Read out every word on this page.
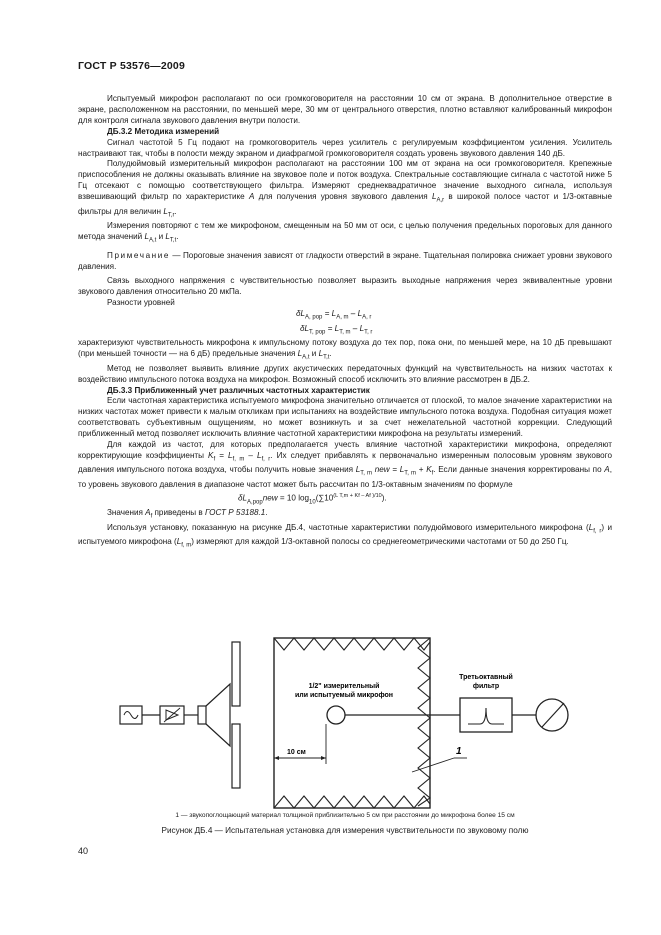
ГОСТ Р 53576—2009

Испытуемый микрофон располагают по оси громкоговорителя на расстоянии 10 см от экрана. В дополнительное отверстие в экране, расположенном на расстоянии, по меньшей мере, 30 мм от центрального отверстия, плотно вставляют калиброванный микрофон для контроля сигнала звукового давления внутри полости.

ДБ.3.2 Методика измерений

Сигнал частотой 5 Гц подают на громкоговоритель через усилитель с регулируемым коэффициентом усиления. Усилитель настраивают так, чтобы в полости между экраном и диафрагмой громкоговорителя создать уровень звукового давления 140 дБ.

Полудюймовый измерительный микрофон располагают на расстоянии 100 мм от экрана на оси громкоговорителя. Крепежные приспособления не должны оказывать влияние на звуковое поле и поток воздуха. Спектральные составляющие сигнала с частотой ниже 5 Гц отсекают с помощью соответствующего фильтра. Измеряют среднеквадратичное значение выходного сигнала, используя взвешивающий фильтр по характеристике A для получения уровня звукового давления $L_{A,r}$ в широкой полосе частот и 1/3-октавные фильтры для величин $L_{T,r}$.

Измерения повторяют с тем же микрофоном, смещенным на 50 мм от оси, с целью получения предельных пороговых для данного метода значений $L_{A,t}$ и $L_{T,t}$.

Примечание — Пороговые значения зависят от гладкости отверстий в экране. Тщательная полировка снижает уровни звукового давления.

Связь выходного напряжения с чувствительностью позволяет выразить выходные напряжения через эквивалентные уровни звукового давления относительно 20 мкПа.

Разности уровней

$\delta L_{A, pop} = L_{A, m} - L_{A, r}$

$\delta L_{T, pop} = L_{T, m} - L_{T, r}$

характеризуют чувствительность микрофона к импульсному потоку воздуха до тех пор, пока они, по меньшей мере, на 10 дБ превышают (при меньшей точности — на 6 дБ) предельные значения $L_{A,t}$ и $L_{T,t}$.

Метод не позволяет выявить влияние других акустических передаточных функций на чувствительность на низких частотах к воздействию импульсного потока воздуха на микрофон. Возможный способ исключить это влияние рассмотрен в ДБ.2.

ДБ.3.3 Приближенный учет различных частотных характеристик

Если частотная характеристика испытуемого микрофона значительно отличается от плоской, то малое значение характеристики на низких частотах может привести к малым откликам при испытаниях на воздействие импульсного потока воздуха. Подобная ситуация может соответствовать субъективным ощущениям, но может возникнуть и за счет нежелательной частотной коррекции. Следующий приближенный метод позволяет исключить влияние частотной характеристики микрофона на результаты измерений.

Для каждой из частот, для которых предполагается учесть влияние частотной характеристики микрофона, определяют корректирующие коэффициенты $K_f = L_{f, m} - L_{f, r}$. Их следует прибавлять к первоначально измеренным полосовым уровням звукового давления импульсного потока воздуха, чтобы получить новые значения $L_{T, m}$ new = $L_{T, m} + K_f$. Если данные значения корректированы по A, то уровень звукового давления в диапазоне частот может быть рассчитан по 1/3-октавным значениям по формуле

$\delta L_{A,pop}new = 10$ $\log_{10}(\sum 10^{(L T,m + Kf - Af )/10})$.

Значения $A_f$ приведены в ГОСТ Р 53188.1.

Используя установку, показанную на рисунке ДБ.4, частотные характеристики полудюймового измерительного микрофона $(L_{f, r})$ и испытуемого микрофона $(L_{f, m})$ измеряют для каждой 1/3-октавной полосы со среднегеометрическими частотами от 50 до 250 Гц.

1/2" измерительный
или испытуемый микрофон
10 см
Третьоктавный
фильтр
1
1 — звукопоглощающий материал толщиной приблизительно 5 см при расстоянии до микрофона более 15 см
Рисунок ДБ.4 — Испытательная установка для измерения чувствительности по звуковому полю
40
